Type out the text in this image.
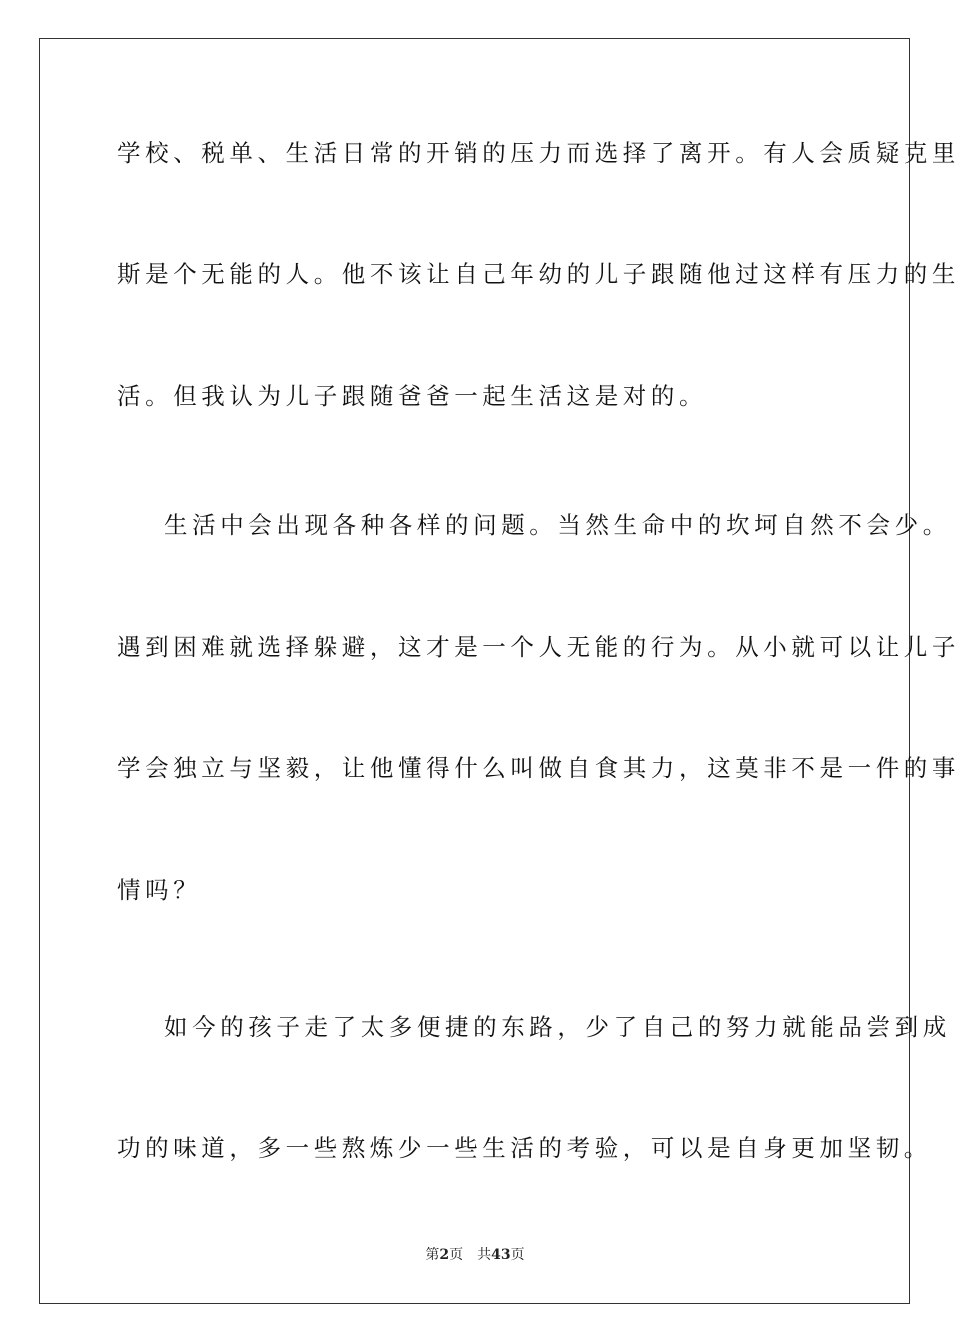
学校、税单、生活日常的开销的压力而选择了离开。有人会质疑克里
斯是个无能的人。他不该让自己年幼的儿子跟随他过这样有压力的生
活。但我认为儿子跟随爸爸一起生活这是对的。
生活中会出现各种各样的问题。当然生命中的坎坷自然不会少。
遇到困难就选择躲避，这才是一个人无能的行为。从小就可以让儿子
学会独立与坚毅，让他懂得什么叫做自食其力，这莫非不是一件的事
情吗？
如今的孩子走了太多便捷的东路，少了自己的努力就能品尝到成
功的味道，多一些熬炼少一些生活的考验，可以是自身更加坚韧。
第2页 共43页
